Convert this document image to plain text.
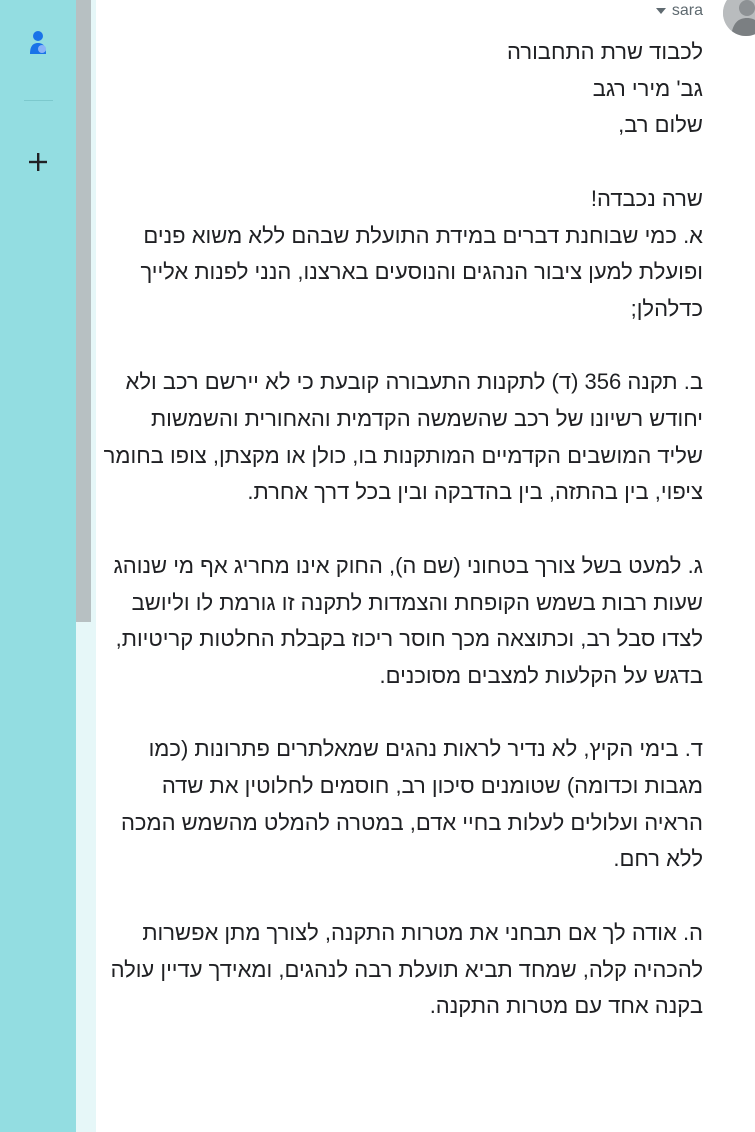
sara

לכבוד שרת התחבורה

גב' מירי רגב

שלום רב,

שרה נכבדה!

א. כמי שבוחנת דברים במידת התועלת שבהם ללא משוא פנים ופועלת למען ציבור הנהגים והנוסעים בארצנו, הנני לפנות אלייך כדלהלן;

ב. תקנה 356 (ד) לתקנות התעבורה קובעת כי לא יירשם רכב ולא יחודש רשיונו של רכב שהשמשה הקדמית והאחורית והשמשות שליד המושבים הקדמיים המותקנות בו, כולן או מקצתן, צופו בחומר ציפוי, בין בהתזה, בין בהדבקה ובין בכל דרך אחרת.

ג. למעט בשל צורך בטחוני (שם ה), החוק אינו מחריג אף מי שנוהג שעות רבות בשמש הקופחת והצמדות לתקנה זו גורמת לו וליושב לצדו סבל רב, וכתוצאה מכך חוסר ריכוז בקבלת החלטות קריטיות, בדגש על הקלעות למצבים מסוכנים.

ד. בימי הקיץ, לא נדיר לראות נהגים שמאלתרים פתרונות (כמו מגבות וכדומה) שטומנים סיכון רב, חוסמים לחלוטין את שדה הראיה ועלולים לעלות בחיי אדם, במטרה להמלט מהשמש המכה ללא רחם.

ה. אודה לך אם תבחני את מטרות התקנה, לצורך מתן אפשרות להכהיה קלה, שמחד תביא תועלת רבה לנהגים, ומאידך עדיין עולה בקנה אחד עם מטרות התקנה.
